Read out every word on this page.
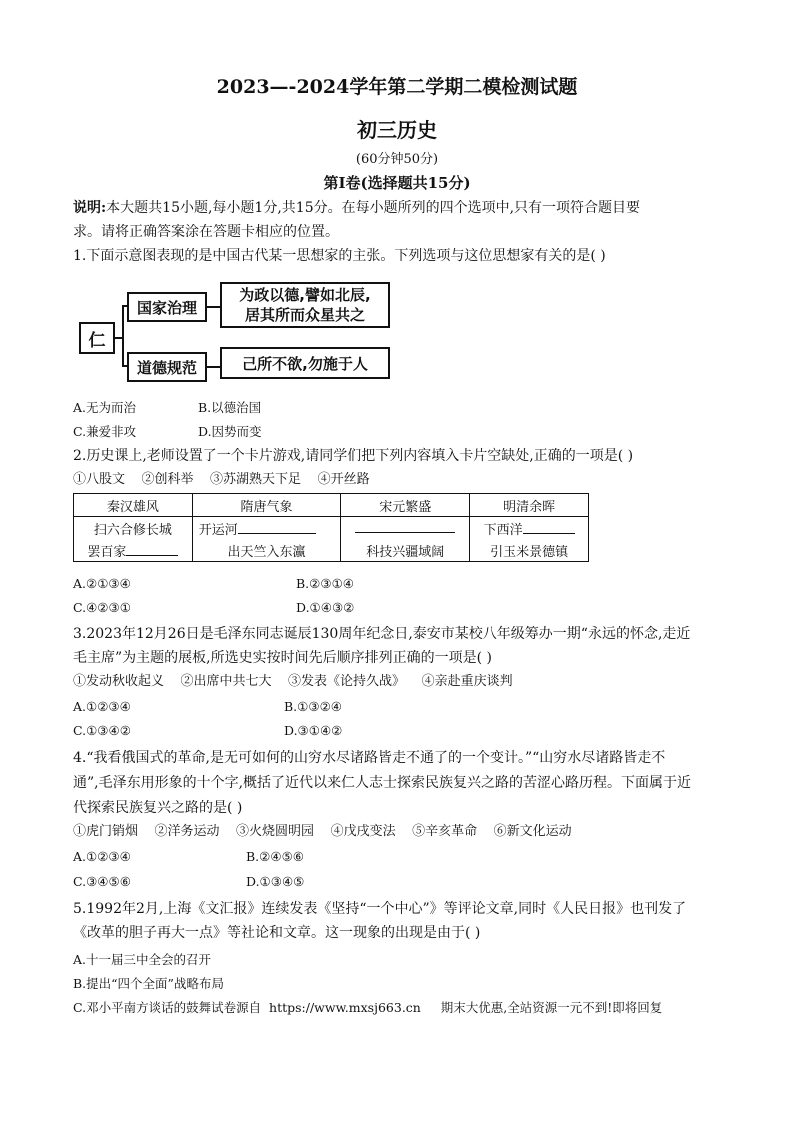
2023—-2024学年第二学期二模检测试题
初三历史
(60分钟50分)
第Ⅰ卷(选择题共15分)
说明:本大题共15小题,每小题1分,共15分。在每小题所列的四个选项中,只有一项符合题目要
求。请将正确答案涂在答题卡相应的位置。
1.下面示意图表现的是中国古代某一思想家的主张。下列选项与这位思想家有关的是( )
仁
国家治理
为政以德,譬如北辰,
居其所而众星共之
道德规范	己所不欲,勿施于人
A.无为而治	B.以德治国
C.兼爱非攻	D.因势而变
2.历史课上,老师设置了一个卡片游戏,请同学们把下列内容填入卡片空缺处,正确的一项是( )
①八股文    ②创科举    ③苏湖熟天下足    ④开丝路
秦汉雄风	隋唐气象	宋元繁盛	明清余晖
扫六合修长城	开运河		下西洋
罢百家	出天竺入东瀛	科技兴疆域阔	引玉米景德镇
A.②①③④	B.②③①④
C.④②③①	D.①④③②
3.2023年12月26日是毛泽东同志诞辰130周年纪念日,泰安市某校八年级筹办一期“永远的怀念,走近
毛主席”为主题的展板,所选史实按时间先后顺序排列正确的一项是( )
①发动秋收起义    ②出席中共七大    ③发表《论持久战》    ④亲赴重庆谈判
A.①②③④	B.①③②④
C.①③④②	D.③①④②
4.“我看俄国式的革命,是无可如何的山穷水尽诸路皆走不通了的一个变计。”“山穷水尽诸路皆走不
通”,毛泽东用形象的十个字,概括了近代以来仁人志士探索民族复兴之路的苦涩心路历程。下面属于近
代探索民族复兴之路的是( )
①虎门销烟    ②洋务运动    ③火烧圆明园    ④戊戌变法    ⑤辛亥革命    ⑥新文化运动
A.①②③④	B.②④⑤⑥
C.③④⑤⑥	D.①③④⑤
5.1992年2月,上海《文汇报》连续发表《坚持“一个中心”》等评论文章,同时《人民日报》也刊发了
《改革的胆子再大一点》等社论和文章。这一现象的出现是由于( )
A.十一届三中全会的召开
B.提出“四个全面”战略布局
C.邓小平南方谈话的鼓舞试卷源自  https://www.mxsj663.cn     期末大优惠,全站资源一元不到!即将回复
